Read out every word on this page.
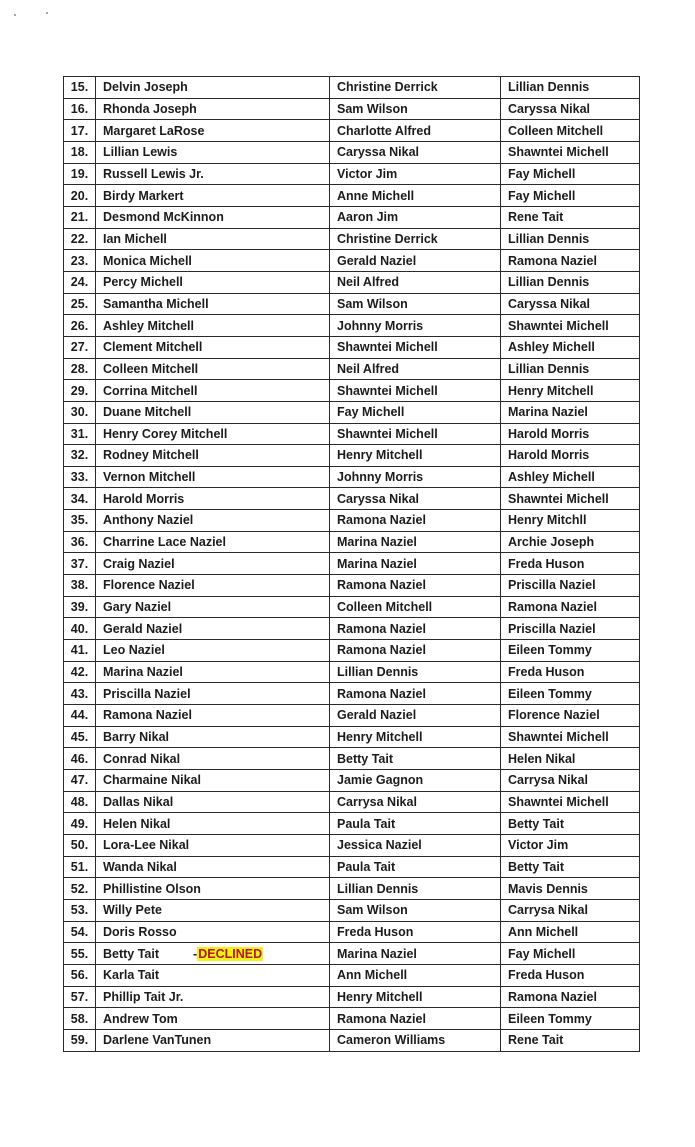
15.	Delvin Joseph	Christine Derrick	Lillian Dennis
16.	Rhonda Joseph	Sam Wilson	Caryssa Nikal
17.	Margaret LaRose	Charlotte Alfred	Colleen Mitchell
18.	Lillian Lewis	Caryssa Nikal	Shawntei Michell
19.	Russell Lewis Jr.	Victor Jim	Fay Michell
20.	Birdy Markert	Anne Michell	Fay Michell
21.	Desmond McKinnon	Aaron Jim	Rene Tait
22.	Ian Michell	Christine Derrick	Lillian Dennis
23.	Monica Michell	Gerald Naziel	Ramona Naziel
24.	Percy Michell	Neil Alfred	Lillian Dennis
25.	Samantha Michell	Sam Wilson	Caryssa Nikal
26.	Ashley Mitchell	Johnny Morris	Shawntei Michell
27.	Clement Mitchell	Shawntei Michell	Ashley Michell
28.	Colleen Mitchell	Neil Alfred	Lillian Dennis
29.	Corrina Mitchell	Shawntei Michell	Henry Mitchell
30.	Duane Mitchell	Fay Michell	Marina Naziel
31.	Henry Corey Mitchell	Shawntei Michell	Harold Morris
32.	Rodney Mitchell	Henry Mitchell	Harold Morris
33.	Vernon Mitchell	Johnny Morris	Ashley Michell
34.	Harold Morris	Caryssa Nikal	Shawntei Michell
35.	Anthony Naziel	Ramona Naziel	Henry Mitchll
36.	Charrine Lace Naziel	Marina Naziel	Archie Joseph
37.	Craig Naziel	Marina Naziel	Freda Huson
38.	Florence Naziel	Ramona Naziel	Priscilla Naziel
39.	Gary Naziel	Colleen Mitchell	Ramona Naziel
40.	Gerald Naziel	Ramona Naziel	Priscilla Naziel
41.	Leo Naziel	Ramona Naziel	Eileen Tommy
42.	Marina Naziel	Lillian Dennis	Freda Huson
43.	Priscilla Naziel	Ramona Naziel	Eileen Tommy
44.	Ramona Naziel	Gerald Naziel	Florence Naziel
45.	Barry Nikal	Henry Mitchell	Shawntei Michell
46.	Conrad Nikal	Betty Tait	Helen Nikal
47.	Charmaine Nikal	Jamie Gagnon	Carrysa Nikal
48.	Dallas Nikal	Carrysa Nikal	Shawntei Michell
49.	Helen Nikal	Paula Tait	Betty Tait
50.	Lora-Lee Nikal	Jessica Naziel	Victor Jim
51.	Wanda Nikal	Paula Tait	Betty Tait
52.	Phillistine Olson	Lillian Dennis	Mavis Dennis
53.	Willy Pete	Sam Wilson	Carrysa Nikal
54.	Doris Rosso	Freda Huson	Ann Michell
55.	Betty Tait -DECLINED	Marina Naziel	Fay Michell
56.	Karla Tait	Ann Michell	Freda Huson
57.	Phillip Tait Jr.	Henry Mitchell	Ramona Naziel
58.	Andrew Tom	Ramona Naziel	Eileen Tommy
59.	Darlene VanTunen	Cameron Williams	Rene Tait
